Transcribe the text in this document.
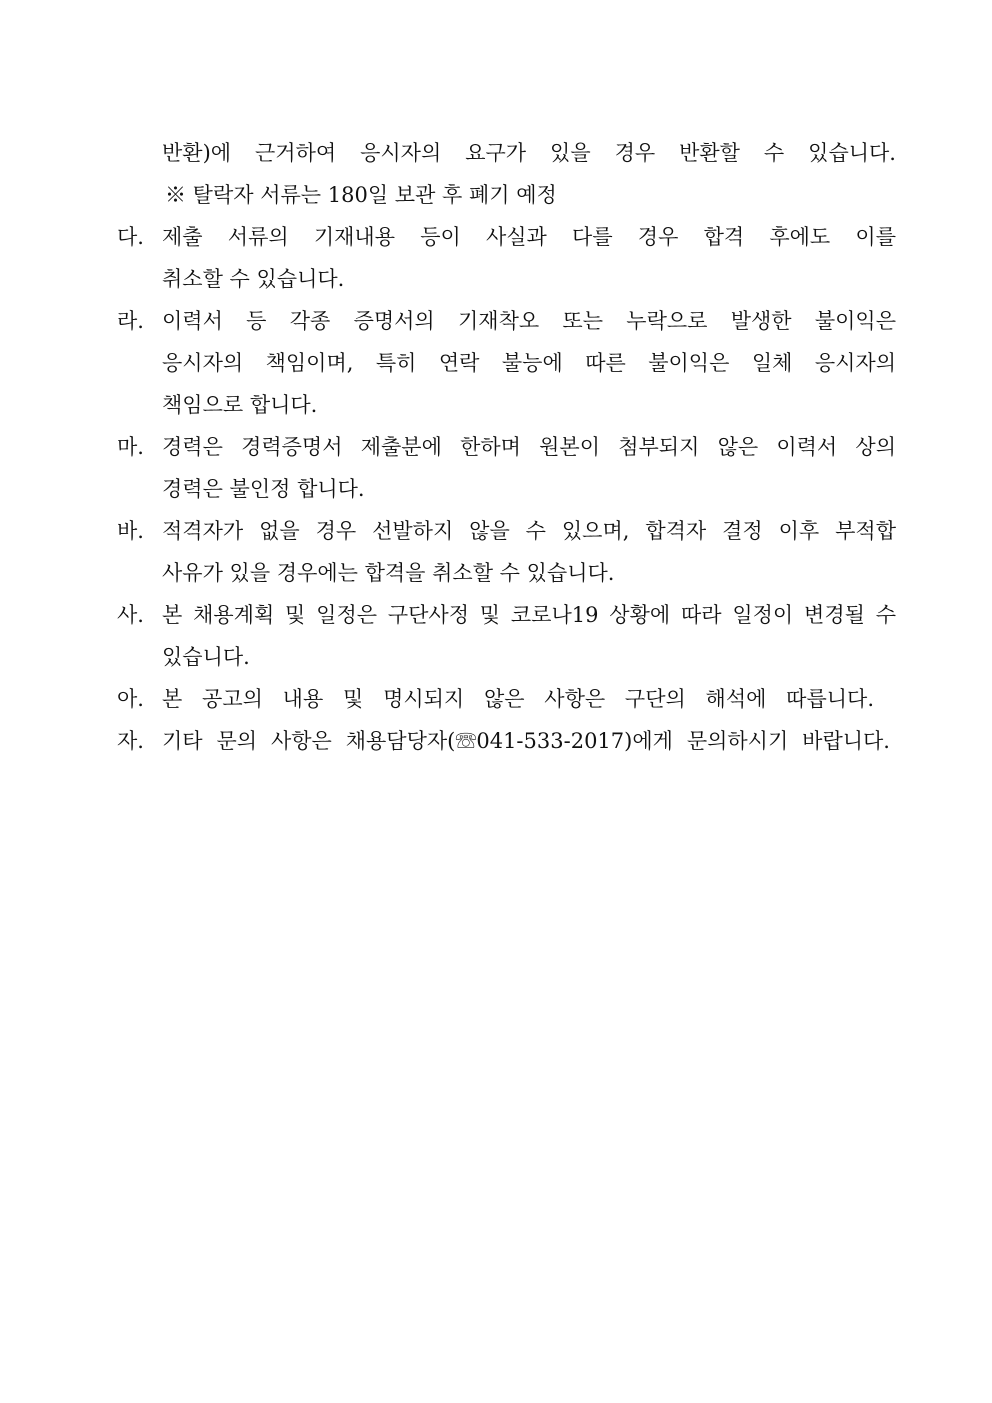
반환)에 근거하여 응시자의 요구가 있을 경우 반환할 수 있습니다.
※ 탈락자 서류는 180일 보관 후 폐기 예정
다. 제출 서류의 기재내용 등이 사실과 다를 경우 합격 후에도 이를
취소할 수 있습니다.
라. 이력서 등 각종 증명서의 기재착오 또는 누락으로 발생한 불이익은
응시자의 책임이며, 특히 연락 불능에 따른 불이익은 일체 응시자의
책임으로 합니다.
마. 경력은 경력증명서 제출분에 한하며 원본이 첨부되지 않은 이력서 상의
경력은 불인정 합니다.
바. 적격자가 없을 경우 선발하지 않을 수 있으며, 합격자 결정 이후 부적합
사유가 있을 경우에는 합격을 취소할 수 있습니다.
사. 본 채용계획 및 일정은 구단사정 및 코로나19 상황에 따라 일정이 변경될 수
있습니다.
아. 본 공고의 내용 및 명시되지 않은 사항은 구단의 해석에 따릅니다.
자. 기타 문의 사항은 채용담당자(☏041-533-2017)에게 문의하시기 바랍니다.
